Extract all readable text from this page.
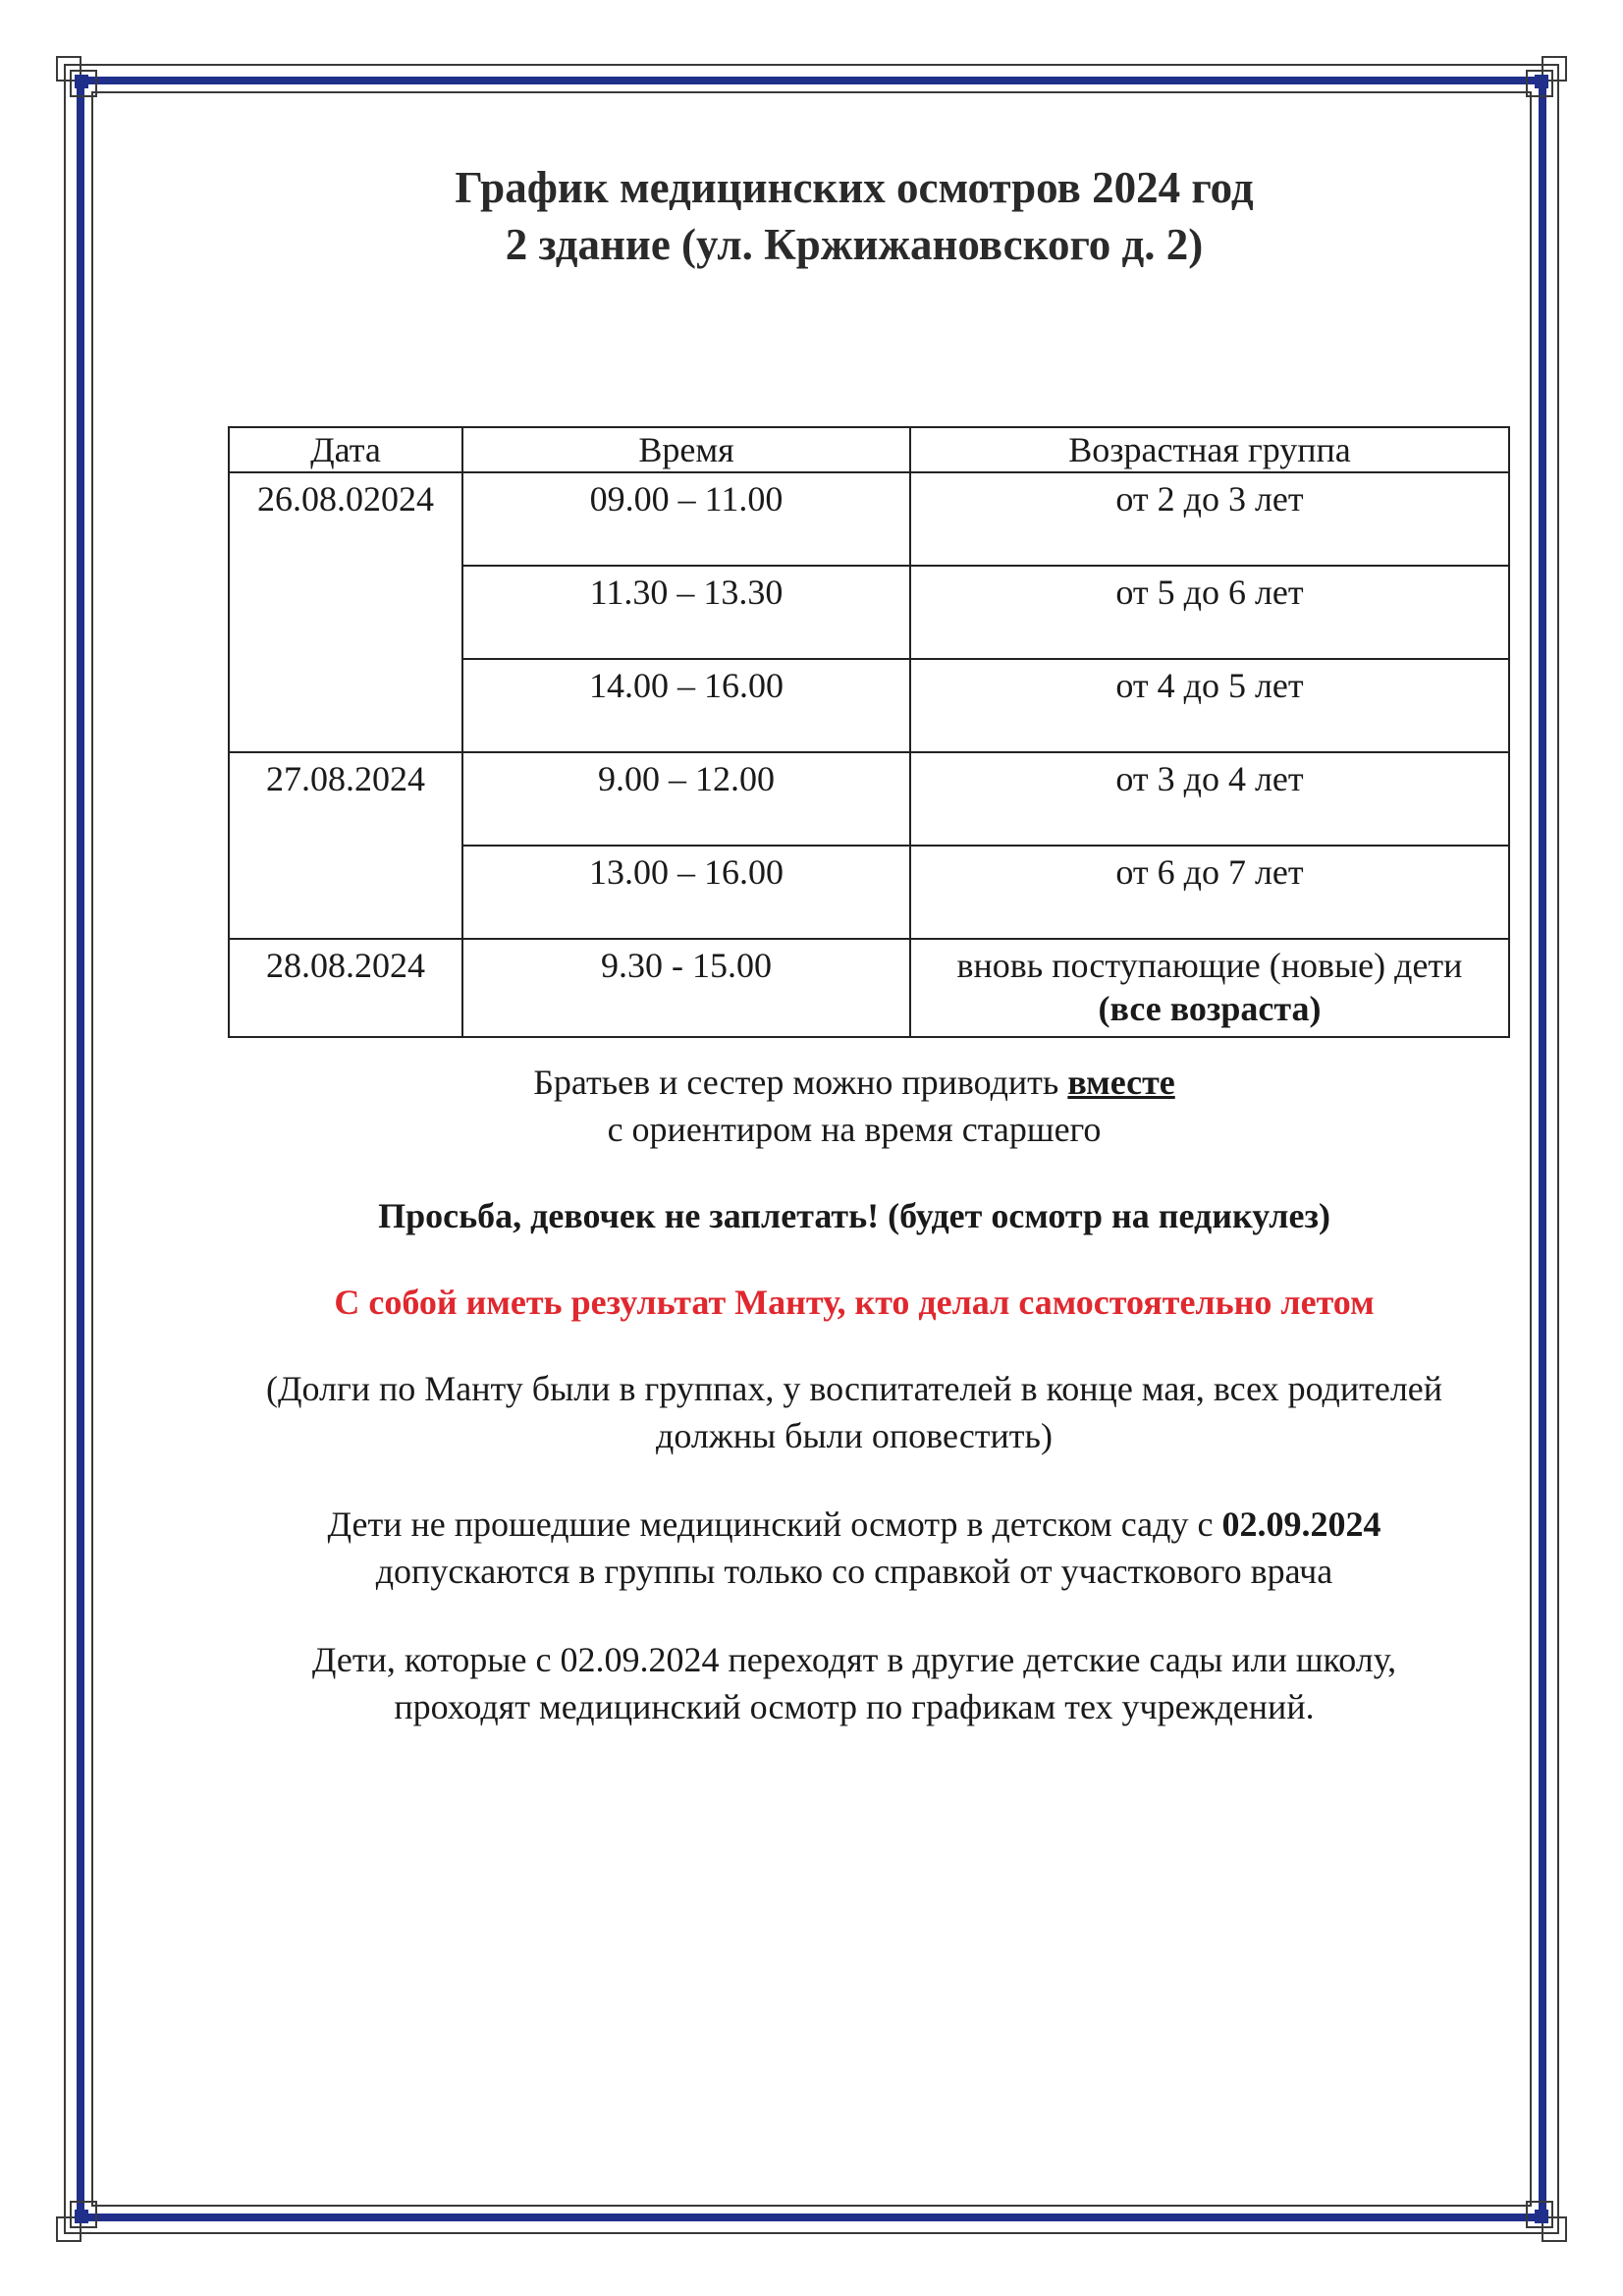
График медицинских осмотров 2024 год
2 здание (ул. Кржижановского д. 2)
Дата	Время	Возрастная группа
26.08.02024	09.00 – 11.00	от 2 до 3 лет
	11.30 – 13.30	от 5 до 6 лет
	14.00 – 16.00	от 4 до 5 лет
27.08.2024	9.00 – 12.00	от 3 до 4 лет
	13.00 – 16.00	от 6 до 7 лет
28.08.2024	9.30 - 15.00	вновь поступающие (новые) дети
(все возраста)

Братьев и сестер можно приводить вместе

с ориентиром на время старшего

Просьба, девочек не заплетать! (будет осмотр на педикулез)

С собой иметь результат Манту, кто делал самостоятельно летом

(Долги по Манту были в группах, у воспитателей в конце мая, всех родителей

должны были оповестить)

Дети не прошедшие медицинский осмотр в детском саду с 02.09.2024

допускаются в группы только со справкой от участкового врача

Дети, которые с 02.09.2024 переходят в другие детские сады или школу,

проходят медицинский осмотр по графикам тех учреждений.
